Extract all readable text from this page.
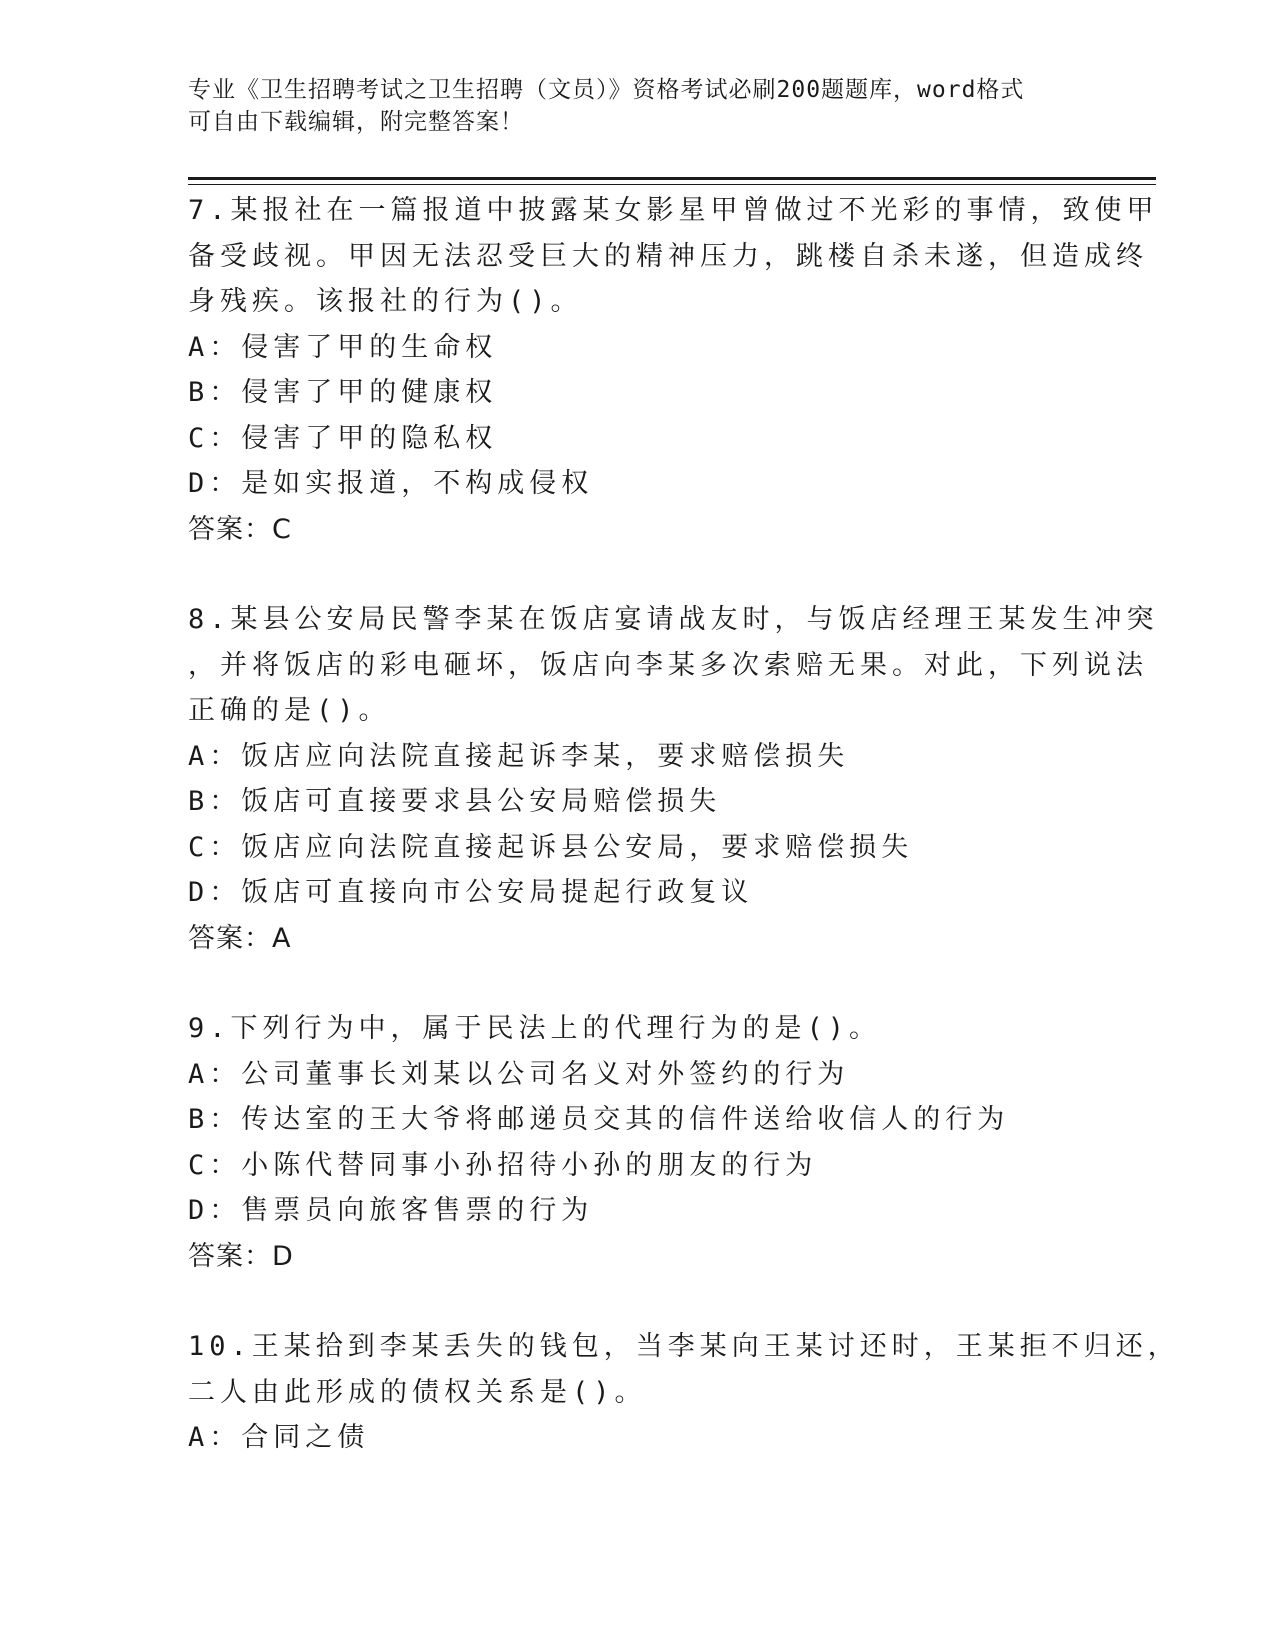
专业《卫生招聘考试之卫生招聘（文员）》资格考试必刷200题题库，word格式
可自由下载编辑，附完整答案！
7.某报社在一篇报道中披露某女影星甲曾做过不光彩的事情，致使甲
备受歧视。甲因无法忍受巨大的精神压力，跳楼自杀未遂，但造成终
身残疾。该报社的行为()。
A：侵害了甲的生命权
B：侵害了甲的健康权
C：侵害了甲的隐私权
D：是如实报道，不构成侵权
答案：C
8.某县公安局民警李某在饭店宴请战友时，与饭店经理王某发生冲突
，并将饭店的彩电砸坏，饭店向李某多次索赔无果。对此，下列说法
正确的是()。
A：饭店应向法院直接起诉李某，要求赔偿损失
B：饭店可直接要求县公安局赔偿损失
C：饭店应向法院直接起诉县公安局，要求赔偿损失
D：饭店可直接向市公安局提起行政复议
答案：A
9.下列行为中，属于民法上的代理行为的是()。
A：公司董事长刘某以公司名义对外签约的行为
B：传达室的王大爷将邮递员交其的信件送给收信人的行为
C：小陈代替同事小孙招待小孙的朋友的行为
D：售票员向旅客售票的行为
答案：D
10.王某拾到李某丢失的钱包，当李某向王某讨还时，王某拒不归还，
二人由此形成的债权关系是()。
A：合同之债
